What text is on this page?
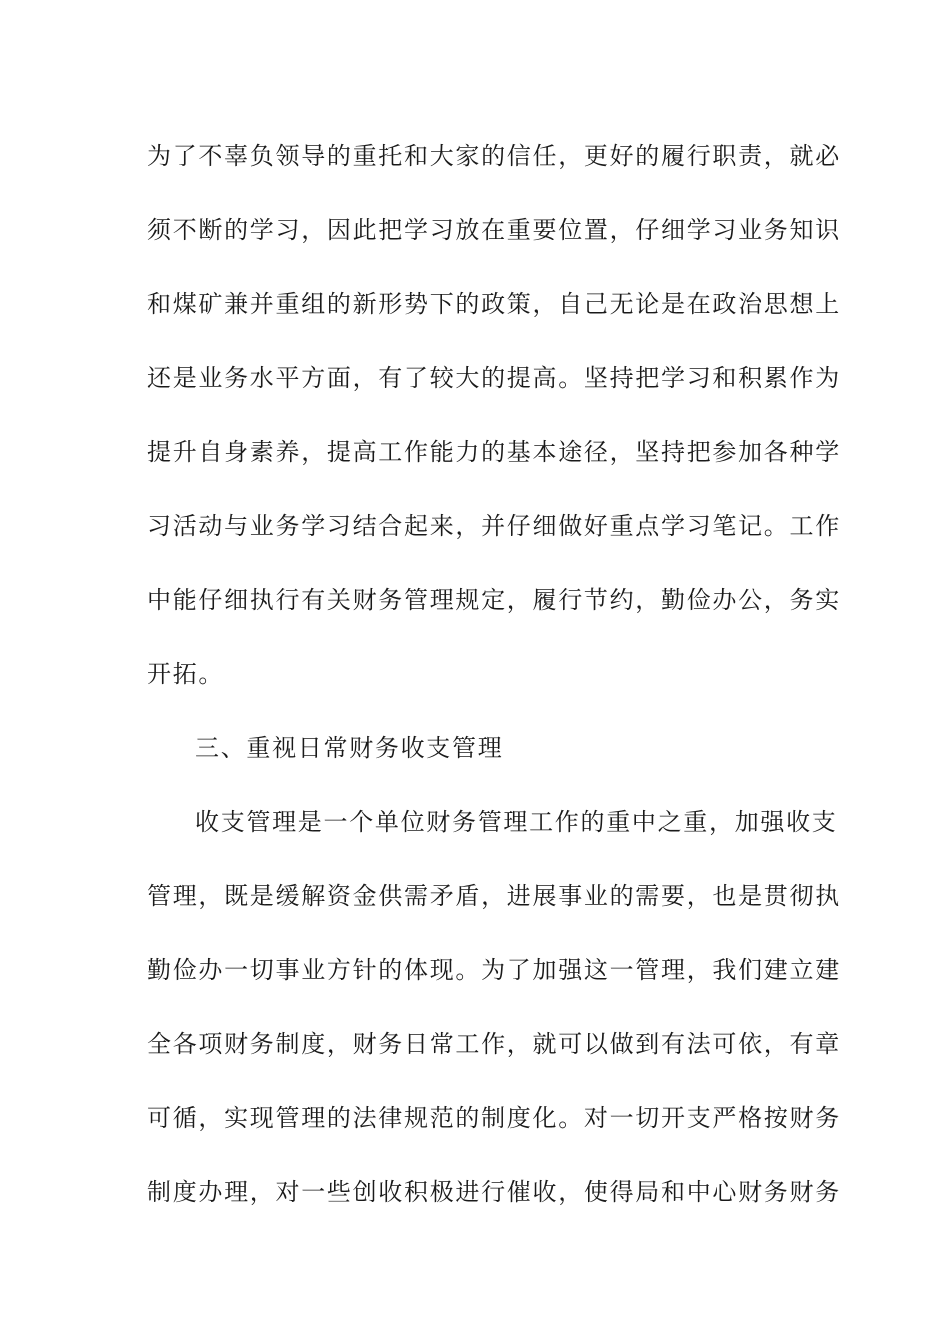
为了不辜负领导的重托和大家的信任，更好的履行职责，就必
须不断的学习，因此把学习放在重要位置，仔细学习业务知识
和煤矿兼并重组的新形势下的政策，自己无论是在政治思想上
还是业务水平方面，有了较大的提高。坚持把学习和积累作为
提升自身素养，提高工作能力的基本途径，坚持把参加各种学
习活动与业务学习结合起来，并仔细做好重点学习笔记。工作
中能仔细执行有关财务管理规定，履行节约，勤俭办公，务实
开拓。
三、重视日常财务收支管理
收支管理是一个单位财务管理工作的重中之重，加强收支
管理，既是缓解资金供需矛盾，进展事业的需要，也是贯彻执
勤俭办一切事业方针的体现。为了加强这一管理，我们建立建
全各项财务制度，财务日常工作，就可以做到有法可依，有章
可循，实现管理的法律规范的制度化。对一切开支严格按财务
制度办理，对一些创收积极进行催收，使得局和中心财务财务
